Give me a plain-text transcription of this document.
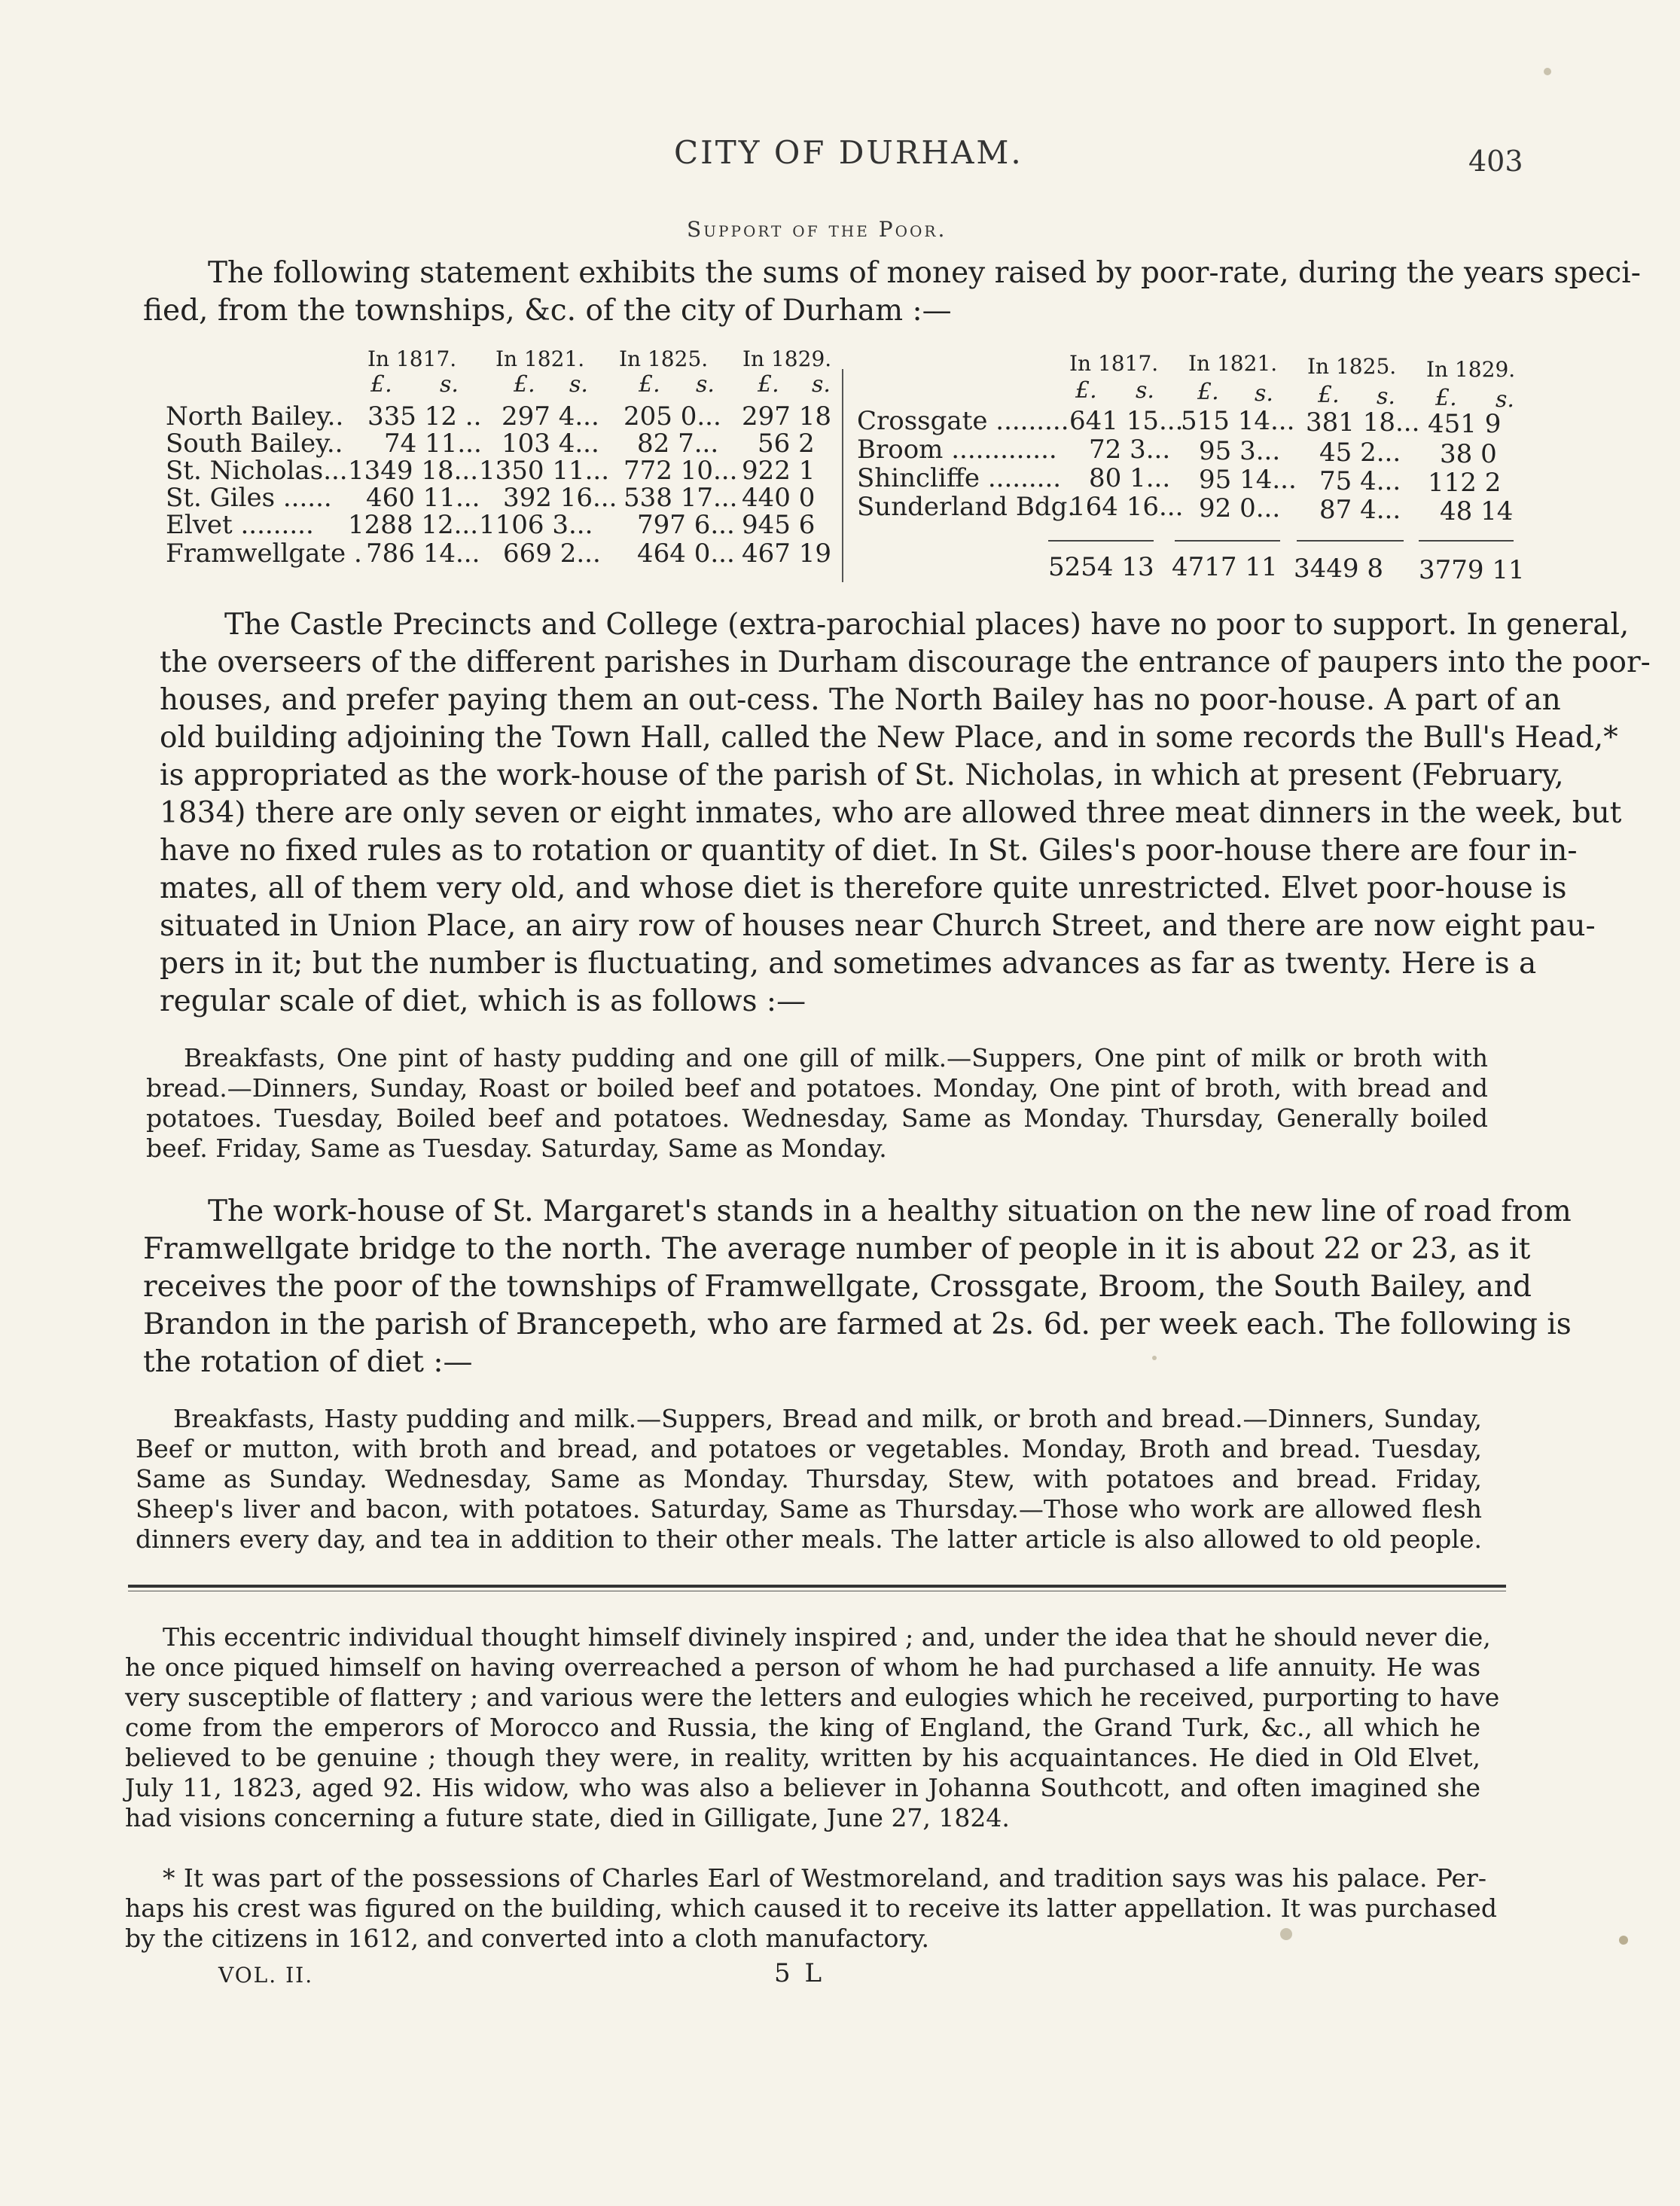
CITY OF DURHAM.	403
Support of the Poor.
The following statement exhibits the sums of money raised by poor-rate, during the years speci-
fied, from the townships, &c. of the city of Durham :—
In 1817. In 1821. In 1825. In 1829.
£. s. £. s. £. s. £. s.
North Bailey.. 335 12 .. 297 4... 205 0... 297 18
South Bailey.. 74 11... 103 4... 82 7... 56 2
St. Nicholas... 1349 18... 1350 11... 772 10... 922 1
St. Giles ...... 460 11... 392 16... 538 17... 440 0
Elvet ......... 1288 12... 1106 3... 797 6... 945 6
Framwellgate . 786 14... 669 2... 464 0... 467 19
In 1817. In 1821. In 1825. In 1829.
£. s. £. s. £. s. £. s.
Crossgate ......... 641 15...
515 14... 381 18... 451 9
Broom ............. 72 3... 95 3... 45 2... 38 0
Shincliffe ......... 80 1... 95 14... 75 4... 112 2
Sunderland Bdg.
164 16... 92 0... 87 4... 48 14
5254 13 4717 11 3449 8 3779 11
The Castle Precincts and College (extra-parochial places) have no poor to support. In general,
the overseers of the different parishes in Durham discourage the entrance of paupers into the poor-
houses, and prefer paying them an out-cess. The North Bailey has no poor-house. A part of an
old building adjoining the Town Hall, called the New Place, and in some records the Bull's Head,*
is appropriated as the work-house of the parish of St. Nicholas, in which at present (February,
1834) there are only seven or eight inmates, who are allowed three meat dinners in the week, but
have no fixed rules as to rotation or quantity of diet. In St. Giles's poor-house there are four in-
mates, all of them very old, and whose diet is therefore quite unrestricted. Elvet poor-house is
situated in Union Place, an airy row of houses near Church Street, and there are now eight pau-
pers in it; but the number is fluctuating, and sometimes advances as far as twenty. Here is a
regular scale of diet, which is as follows :—
Breakfasts, One pint of hasty pudding and one gill of milk.—Suppers, One pint of milk or broth with
bread.—Dinners, Sunday, Roast or boiled beef and potatoes. Monday, One pint of broth, with bread and
potatoes. Tuesday, Boiled beef and potatoes. Wednesday, Same as Monday. Thursday, Generally boiled
beef. Friday, Same as Tuesday. Saturday, Same as Monday.
The work-house of St. Margaret's stands in a healthy situation on the new line of road from
Framwellgate bridge to the north. The average number of people in it is about 22 or 23, as it
receives the poor of the townships of Framwellgate, Crossgate, Broom, the South Bailey, and
Brandon in the parish of Brancepeth, who are farmed at 2s. 6d. per week each. The following is
the rotation of diet :—
Breakfasts, Hasty pudding and milk.—Suppers, Bread and milk, or broth and bread.—Dinners, Sunday,
Beef or mutton, with broth and bread, and potatoes or vegetables. Monday, Broth and bread. Tuesday,
Same as Sunday. Wednesday, Same as Monday. Thursday, Stew, with potatoes and bread. Friday,
Sheep's liver and bacon, with potatoes. Saturday, Same as Thursday.—Those who work are allowed flesh
dinners every day, and tea in addition to their other meals. The latter article is also allowed to old people.
This eccentric individual thought himself divinely inspired ; and, under the idea that he should never die,
he once piqued himself on having overreached a person of whom he had purchased a life annuity. He was
very susceptible of flattery ; and various were the letters and eulogies which he received, purporting to have
come from the emperors of Morocco and Russia, the king of England, the Grand Turk, &c., all which he
believed to be genuine ; though they were, in reality, written by his acquaintances. He died in Old Elvet,
July 11, 1823, aged 92. His widow, who was also a believer in Johanna Southcott, and often imagined she
had visions concerning a future state, died in Gilligate, June 27, 1824.
* It was part of the possessions of Charles Earl of Westmoreland, and tradition says was his palace. Per-
haps his crest was figured on the building, which caused it to receive its latter appellation. It was purchased
by the citizens in 1612, and converted into a cloth manufactory.
VOL. II.	5 L
